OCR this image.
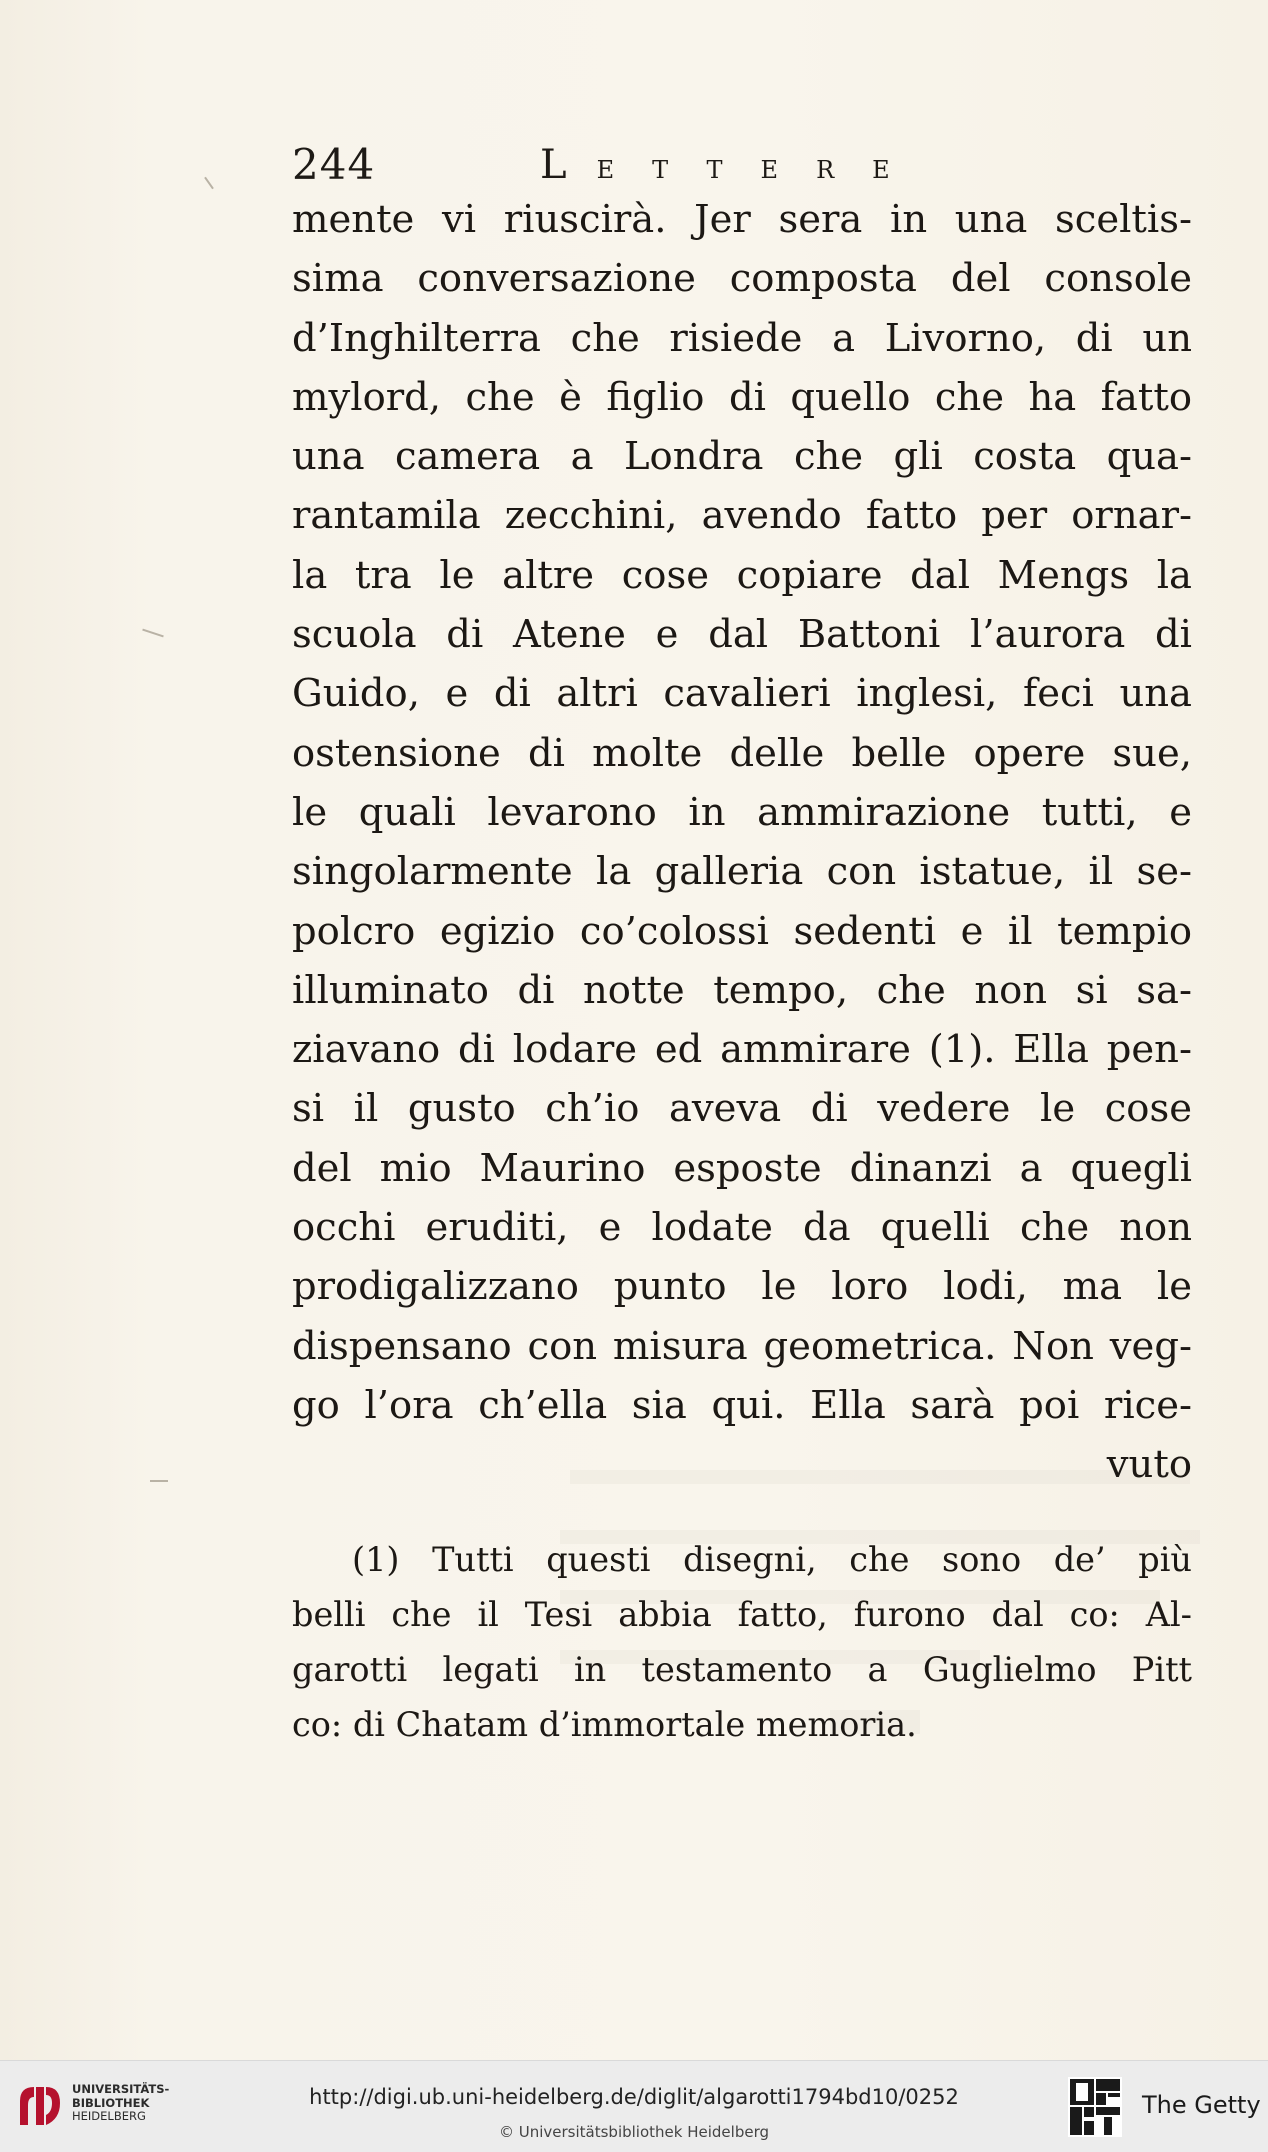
244	LETTERE
mente vi riuscirà. Jer sera in una sceltis-
sima conversazione composta del console
d’Inghilterra che risiede a Livorno, di un
mylord, che è figlio di quello che ha fatto
una camera a Londra che gli costa qua-
rantamila zecchini, avendo fatto per ornar-
la tra le altre cose copiare dal Mengs la
scuola di Atene e dal Battoni l’aurora di
Guido, e di altri cavalieri inglesi, feci una
ostensione di molte delle belle opere sue,
le quali levarono in ammirazione tutti, e
singolarmente la galleria con istatue, il se-
polcro egizio co’colossi sedenti e il tempio
illuminato di notte tempo, che non si sa-
ziavano di lodare ed ammirare (1). Ella pen-
si il gusto ch’io aveva di vedere le cose
del mio Maurino esposte dinanzi a quegli
occhi eruditi, e lodate da quelli che non
prodigalizzano punto le loro lodi, ma le
dispensano con misura geometrica. Non veg-
go l’ora ch’ella sia qui. Ella sarà poi rice-
vuto
(1) Tutti questi disegni, che sono de’ più
belli che il Tesi abbia fatto, furono dal co: Al-
garotti legati in testamento a Guglielmo Pitt
co: di Chatam d’immortale memoria.
UNIVERSITÄTS-
BIBLIOTHEK
HEIDELBERG
http://digi.ub.uni-heidelberg.de/diglit/algarotti1794bd10/0252
© Universitätsbibliothek Heidelberg
The Getty
